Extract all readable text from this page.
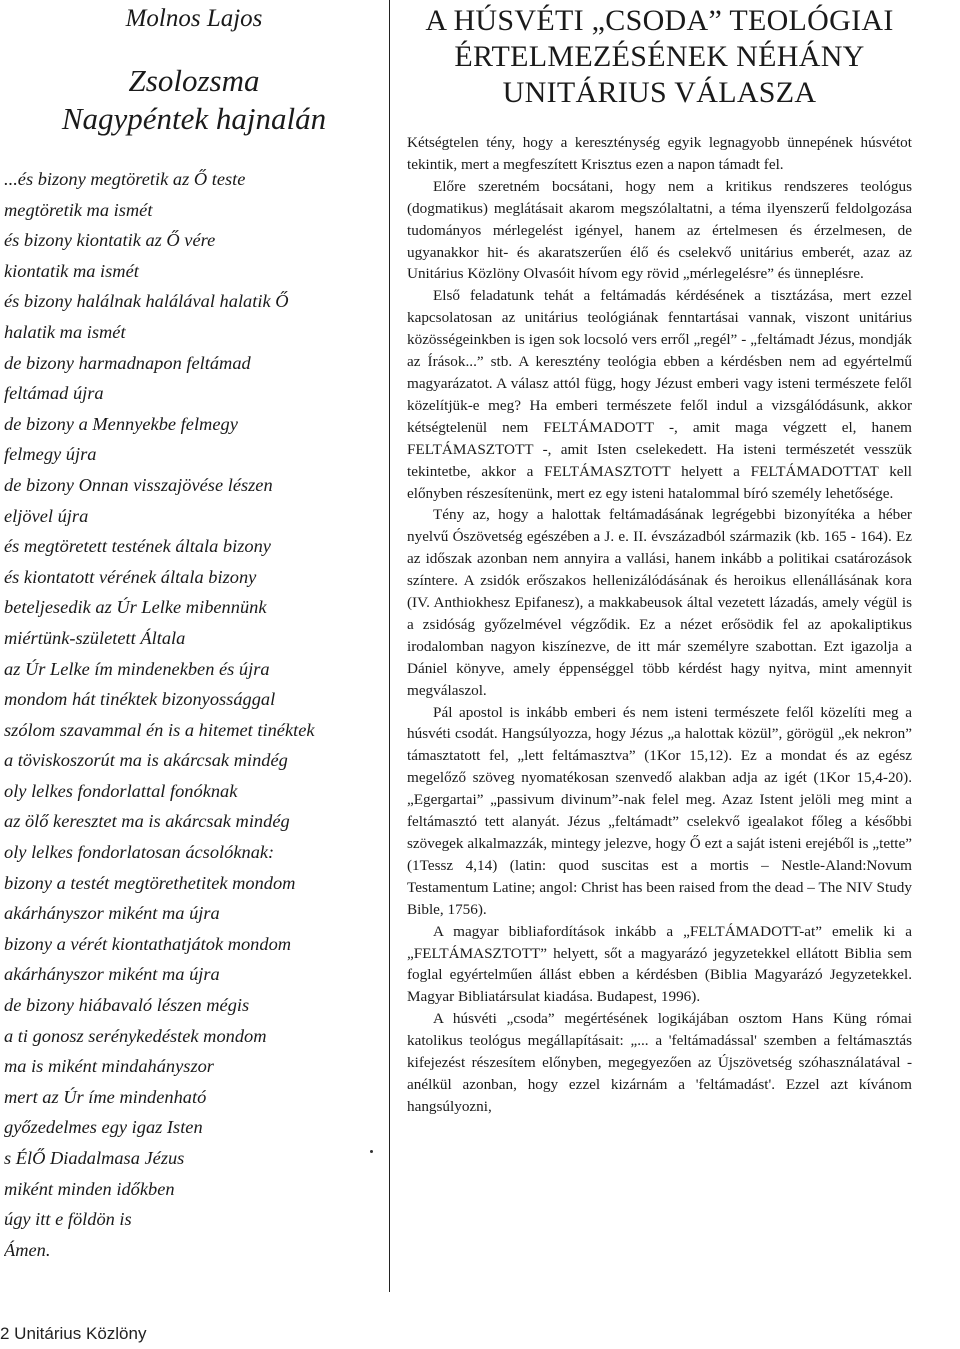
Molnos Lajos
Zsolozsma
Nagypéntek hajnalán
...és bizony megtöretik az Ő teste
megtöretik ma ismét
és bizony kiontatik az Ő vére
kiontatik ma ismét
és bizony halálnak halálával halatik Ő
halatik ma ismét
de bizony harmadnapon feltámad
feltámad újra
de bizony a Mennyekbe felmegy
felmegy újra
de bizony Onnan visszajövése lészen
eljövel újra
és megtöretett testének általa bizony
és kiontatott vérének általa bizony
beteljesedik az Úr Lelke mibennünk
miértünk-született Általa
az Úr Lelke ím mindenekben és újra
mondom hát tinéktek bizonyossággal
szólom szavammal én is a hitemet tinéktek
a töviskoszorút ma is akárcsak mindég
oly lelkes fondorlattal fonóknak
az ölő keresztet ma is akárcsak mindég
oly lelkes fondorlatosan ácsolóknak:
bizony a testét megtörethetitek mondom
akárhányszor miként ma újra
bizony a vérét kiontathatjátok mondom
akárhányszor miként ma újra
de bizony hiábavaló lészen mégis
a ti gonosz serénykedéstek mondom
ma is miként mindahányszor
mert az Úr íme mindenható
győzedelmes egy igaz Isten
s ÉlŐ Diadalmasa Jézus
miként minden időkben
úgy itt e földön is
Ámen.
A HÚSVÉTI „CSODA” TEOLÓGIAI
ÉRTELMEZÉSÉNEK NÉHÁNY
UNITÁRIUS VÁLASZA

Kétségtelen tény, hogy a kereszténység egyik legnagyobb ünnepének húsvétot tekintik, mert a megfeszített Krisztus ezen a napon támadt fel.

Előre szeretném bocsátani, hogy nem a kritikus rendszeres teológus (dogmatikus) meglátásait akarom megszólaltatni, a téma ilyenszerű feldolgozása tudományos mérlegelést igényel, hanem az értelmesen és érzelmesen, de ugyanakkor hit- és akaratszerűen élő és cselekvő unitárius emberét, azaz az Unitárius Közlöny Olvasóit hívom egy rövid „mérlegelésre” és ünneplésre.

Első feladatunk tehát a feltámadás kérdésének a tisztázása, mert ezzel kapcsolatosan az unitárius teológiának fenntartásai vannak, viszont unitárius közösségeinkben is igen sok locsoló vers erről „regél” - „feltámadt Jézus, mondják az Írások...” stb. A keresztény teológia ebben a kérdésben nem ad egyértelmű magyarázatot. A válasz attól függ, hogy Jézust emberi vagy isteni természete felől közelítjük-e meg? Ha emberi természete felől indul a vizsgálódásunk, akkor kétségtelenül nem FELTÁMADOTT -, amit maga végzett el, hanem FELTÁMASZTOTT -, amit Isten cselekedett. Ha isteni természetét vesszük tekintetbe, akkor a FELTÁMASZTOTT helyett a FELTÁMADOTTAT kell előnyben részesítenünk, mert ez egy isteni hatalommal bíró személy lehetősége.

Tény az, hogy a halottak feltámadásának legrégebbi bizonyítéka a héber nyelvű Ószövetség egészében a J. e. II. évszázadból származik (kb. 165 - 164). Ez az időszak azonban nem annyira a vallási, hanem inkább a politikai csatározások színtere. A zsidók erőszakos hellenizálódásának és heroikus ellenállásának kora (IV. Anthiokhesz Epifanesz), a makkabeusok által vezetett lázadás, amely végül is a zsidóság győzelmével végződik. Ez a nézet erősödik fel az apokaliptikus irodalomban nagyon kiszínezve, de itt már személyre szabottan. Ezt igazolja a Dániel könyve, amely éppenséggel több kérdést hagy nyitva, mint amennyit megválaszol.

Pál apostol is inkább emberi és nem isteni természete felől közelíti meg a húsvéti csodát. Hangsúlyozza, hogy Jézus „a halottak közül”, görögül „ek nekron” támasztatott fel, „lett feltámasztva” (1Kor 15,12). Ez a mondat és az egész megelőző szöveg nyomatékosan szenvedő alakban adja az igét (1Kor 15,4-20). „Egergartai” „passivum divinum”-nak felel meg. Azaz Istent jelöli meg mint a feltámasztó tett alanyát. Jézus „feltámadt” cselekvő igealakot főleg a későbbi szövegek alkalmazzák, mintegy jelezve, hogy Ő ezt a saját isteni erejéből is „tette” (1Tessz 4,14) (latin: quod suscitas est a mortis – Nestle-Aland:Novum Testamentum Latine; angol: Christ has been raised from the dead – The NIV Study Bible, 1756).

A magyar bibliafordítások inkább a „FELTÁMADOTT-at” emelik ki a „FELTÁMASZTOTT” helyett, sőt a magyarázó jegyzetekkel ellátott Biblia sem foglal egyértelműen állást ebben a kérdésben (Biblia Magyarázó Jegyzetekkel. Magyar Bibliatársulat kiadása. Budapest, 1996).

A húsvéti „csoda” megértésének logikájában osztom Hans Küng római katolikus teológus megállapításait: „... a 'feltámadással' szemben a feltámasztás kifejezést részesítem előnyben, megegyezően az Újszövetség szóhasználatával - anélkül azonban, hogy ezzel kizárnám a 'feltámadást'. Ezzel azt kívánom hangsúlyozni,

2 Unitárius Közlöny
